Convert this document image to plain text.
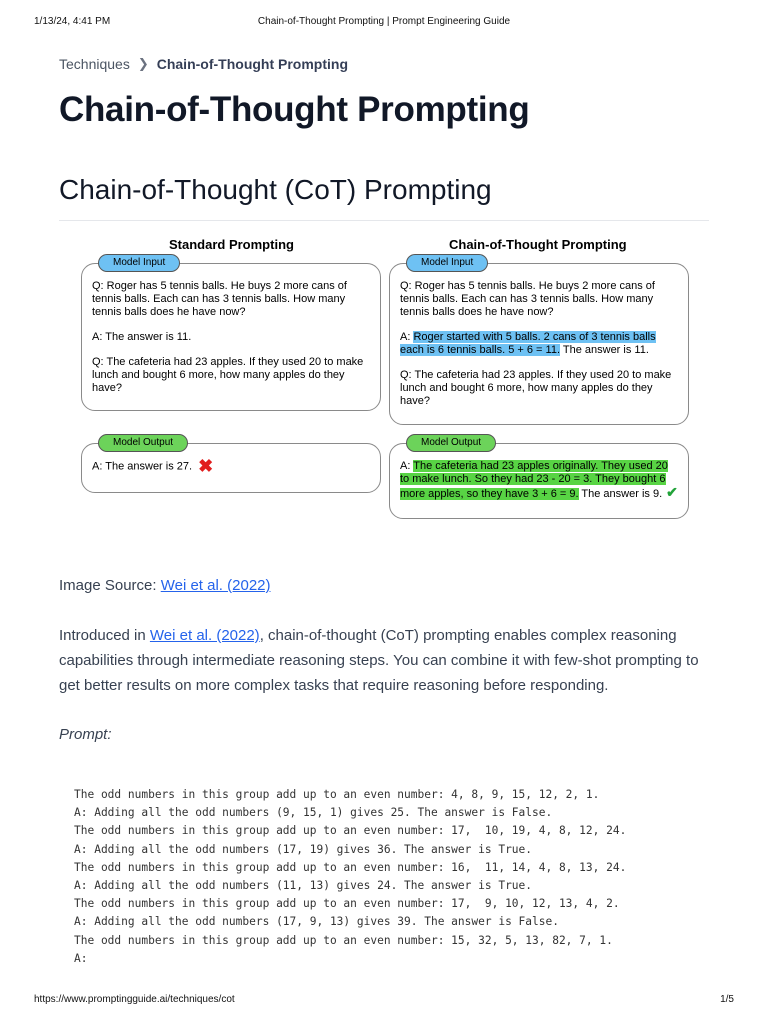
1/13/24, 4:41 PM	Chain-of-Thought Prompting | Prompt Engineering Guide
Techniques ❯ Chain-of-Thought Prompting
Chain-of-Thought Prompting
Chain-of-Thought (CoT) Prompting
Standard Prompting	Chain-of-Thought Prompting
Model Input

Q: Roger has 5 tennis balls. He buys 2 more cans of tennis balls. Each can has 3 tennis balls. How many tennis balls does he have now?

A: The answer is 11.

Q: The cafeteria had 23 apples. If they used 20 to make lunch and bought 6 more, how many apples do they have?

Model Input

Q: Roger has 5 tennis balls. He buys 2 more cans of tennis balls. Each can has 3 tennis balls. How many tennis balls does he have now?

A: Roger started with 5 balls. 2 cans of 3 tennis balls each is 6 tennis balls. 5 + 6 = 11. The answer is 11.

Q: The cafeteria had 23 apples. If they used 20 to make lunch and bought 6 more, how many apples do they have?

Model Output

A: The answer is 27. ✖

Model Output

A: The cafeteria had 23 apples originally. They used 20 to make lunch. So they had 23 - 20 = 3. They bought 6 more apples, so they have 3 + 6 = 9. The answer is 9. ✔

Image Source: Wei et al. (2022)
Introduced in Wei et al. (2022), chain-of-thought (CoT) prompting enables complex reasoning capabilities through intermediate reasoning steps. You can combine it with few-shot prompting to get better results on more complex tasks that require reasoning before responding.
Prompt:
The odd numbers in this group add up to an even number: 4, 8, 9, 15, 12, 2, 1.
A: Adding all the odd numbers (9, 15, 1) gives 25. The answer is False.
The odd numbers in this group add up to an even number: 17,  10, 19, 4, 8, 12, 24.
A: Adding all the odd numbers (17, 19) gives 36. The answer is True.
The odd numbers in this group add up to an even number: 16,  11, 14, 4, 8, 13, 24.
A: Adding all the odd numbers (11, 13) gives 24. The answer is True.
The odd numbers in this group add up to an even number: 17,  9, 10, 12, 13, 4, 2.
A: Adding all the odd numbers (17, 9, 13) gives 39. The answer is False.
The odd numbers in this group add up to an even number: 15, 32, 5, 13, 82, 7, 1.
A:
https://www.promptingguide.ai/techniques/cot	1/5
